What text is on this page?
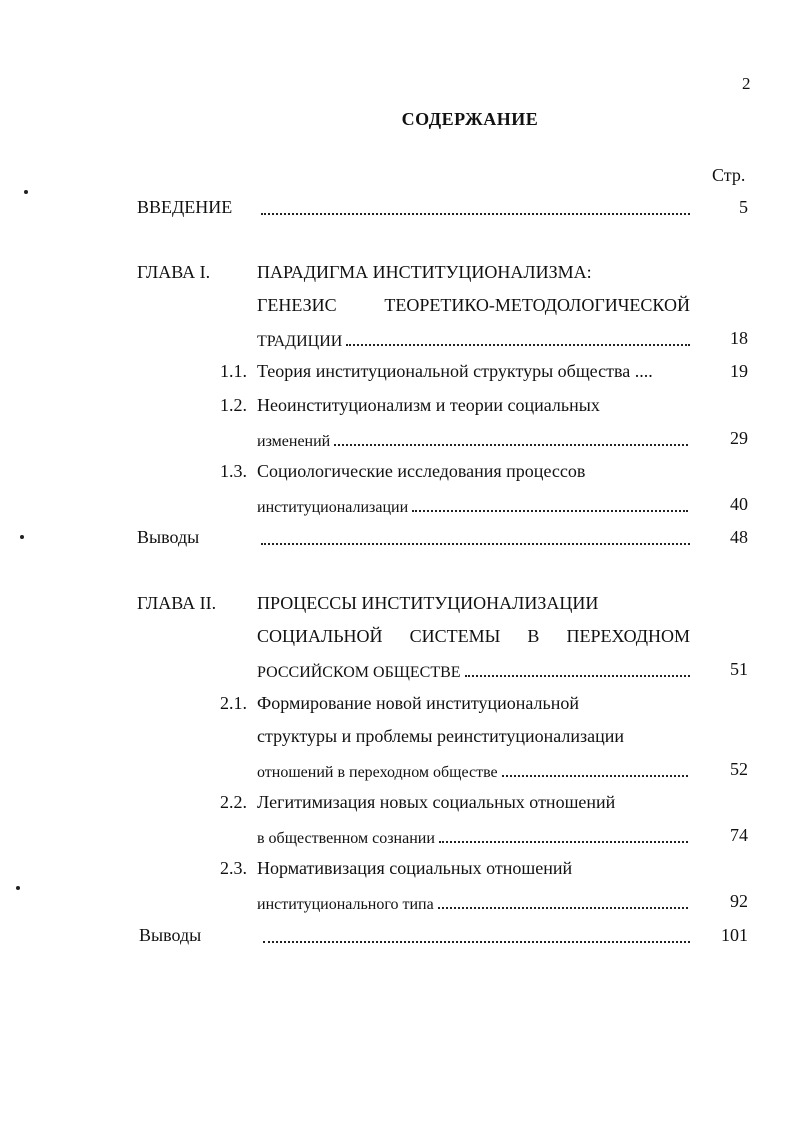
2
СОДЕРЖАНИЕ
Стр.
ВВЕДЕНИЕ	5
ГЛАВА I.	ПАРАДИГМА ИНСТИТУЦИОНАЛИЗМА:
ГЕНЕЗИС	ТЕОРЕТИКО-МЕТОДОЛОГИЧЕСКОЙ
ТРАДИЦИИ	18
1.1. Теория институциональной структуры общества ....	19
1.2. Неоинституционализм и теории социальных
изменений	29
1.3. Социологические исследования процессов
институционализации	40
Выводы	48
ГЛАВА II. ПРОЦЕССЫ ИНСТИТУЦИОНАЛИЗАЦИИ
СОЦИАЛЬНОЙ СИСТЕМЫ В ПЕРЕХОДНОМ
РОССИЙСКОМ ОБЩЕСТВЕ	51
2.1. Формирование новой институциональной
структуры и проблемы реинституционализации
отношений в переходном обществе	52
2.2. Легитимизация новых социальных отношений
в общественном сознании	74
2.3. Нормативизация социальных отношений
институционального типа	92
Выводы	101
